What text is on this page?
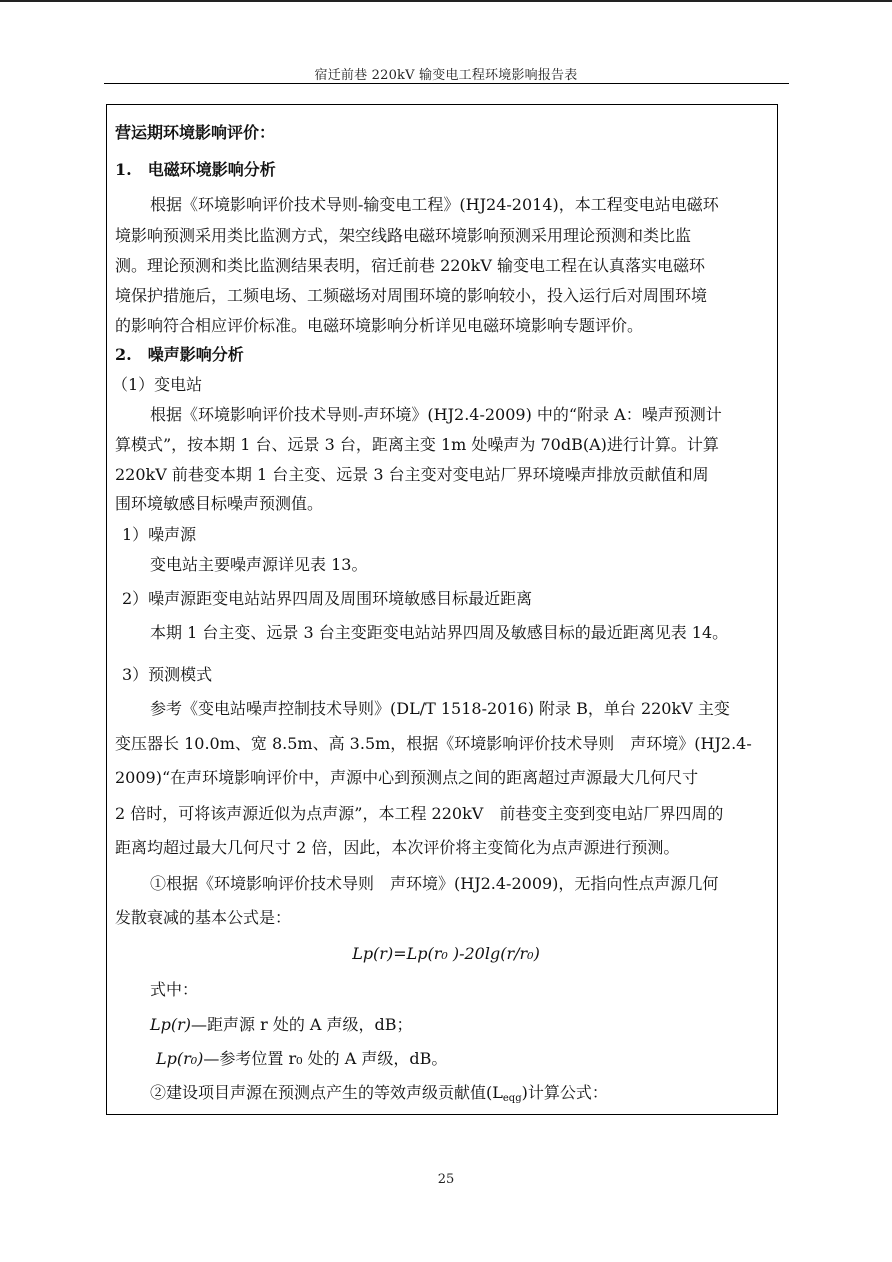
宿迁前巷 220kV 输变电工程环境影响报告表
营运期环境影响评价：
1.　电磁环境影响分析
根据《环境影响评价技术导则-输变电工程》(HJ24-2014)，本工程变电站电磁环
境影响预测采用类比监测方式，架空线路电磁环境影响预测采用理论预测和类比监
测。理论预测和类比监测结果表明，宿迁前巷 220kV 输变电工程在认真落实电磁环
境保护措施后，工频电场、工频磁场对周围环境的影响较小，投入运行后对周围环境
的影响符合相应评价标准。电磁环境影响分析详见电磁环境影响专题评价。
2.　噪声影响分析
（1）变电站
根据《环境影响评价技术导则-声环境》(HJ2.4-2009) 中的“附录 A：噪声预测计
算模式”，按本期 1 台、远景 3 台，距离主变 1m 处噪声为 70dB(A)进行计算。计算
220kV 前巷变本期 1 台主变、远景 3 台主变对变电站厂界环境噪声排放贡献值和周
围环境敏感目标噪声预测值。
1）噪声源
变电站主要噪声源详见表 13。
2）噪声源距变电站站界四周及周围环境敏感目标最近距离
本期 1 台主变、远景 3 台主变距变电站站界四周及敏感目标的最近距离见表 14。
3）预测模式
参考《变电站噪声控制技术导则》(DL/T 1518-2016) 附录 B，单台 220kV 主变
变压器长 10.0m、宽 8.5m、高 3.5m，根据《环境影响评价技术导则　声环境》(HJ2.4-
2009)“在声环境影响评价中，声源中心到预测点之间的距离超过声源最大几何尺寸
2 倍时，可将该声源近似为点声源”，本工程 220kV　前巷变主变到变电站厂界四周的
距离均超过最大几何尺寸 2 倍，因此，本次评价将主变简化为点声源进行预测。
①根据《环境影响评价技术导则　声环境》(HJ2.4-2009)，无指向性点声源几何
发散衰减的基本公式是：
Lp(r)=Lp(r₀ )-20lg(r/r₀)
式中：
Lp(r)—距声源 r 处的 A 声级，dB；
Lp(r₀)—参考位置 r₀ 处的 A 声级，dB。
②建设项目声源在预测点产生的等效声级贡献值$(L_{eqg})$计算公式：
25
